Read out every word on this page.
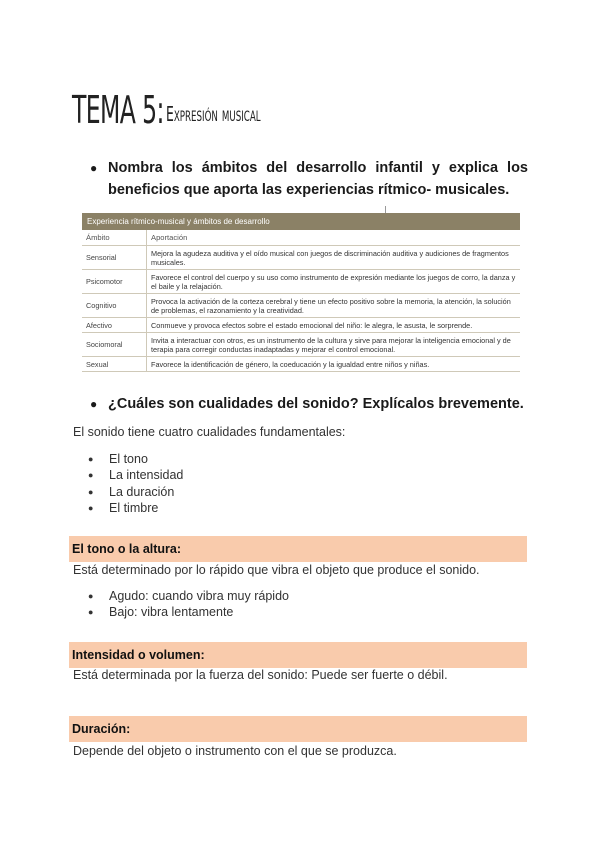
TEMA 5: Expresión musical
● Nombra los ámbitos del desarrollo infantil y explica los beneficios que aporta las experiencias rítmico- musicales.
Experiencia rítmico-musical y ámbitos de desarrollo	
Ámbito	Aportación
Sensorial	Mejora la agudeza auditiva y el oído musical con juegos de discriminación auditiva y audiciones de fragmentos musicales.
Psicomotor	Favorece el control del cuerpo y su uso como instrumento de expresión mediante los juegos de corro, la danza y el baile y la relajación.
Cognitivo	Provoca la activación de la corteza cerebral y tiene un efecto positivo sobre la memoria, la atención, la solución de problemas, el razonamiento y la creatividad.
Afectivo	Conmueve y provoca efectos sobre el estado emocional del niño: le alegra, le asusta, le sorprende.
Sociomoral	Invita a interactuar con otros, es un instrumento de la cultura y sirve para mejorar la inteligencia emocional y de terapia para corregir conductas inadaptadas y mejorar el control emocional.
Sexual	Favorece la identificación de género, la coeducación y la igualdad entre niños y niñas.
● ¿Cuáles son cualidades del sonido? Explícalos brevemente.
El sonido tiene cuatro cualidades fundamentales:
● El tono
● La intensidad
● La duración
● El timbre
El tono o la altura:
Está determinado por lo rápido que vibra el objeto que produce el sonido.
● Agudo: cuando vibra muy rápido
● Bajo: vibra lentamente
Intensidad o volumen:
Está determinada por la fuerza del sonido: Puede ser fuerte o débil.
Duración:
Depende del objeto o instrumento con el que se produzca.
